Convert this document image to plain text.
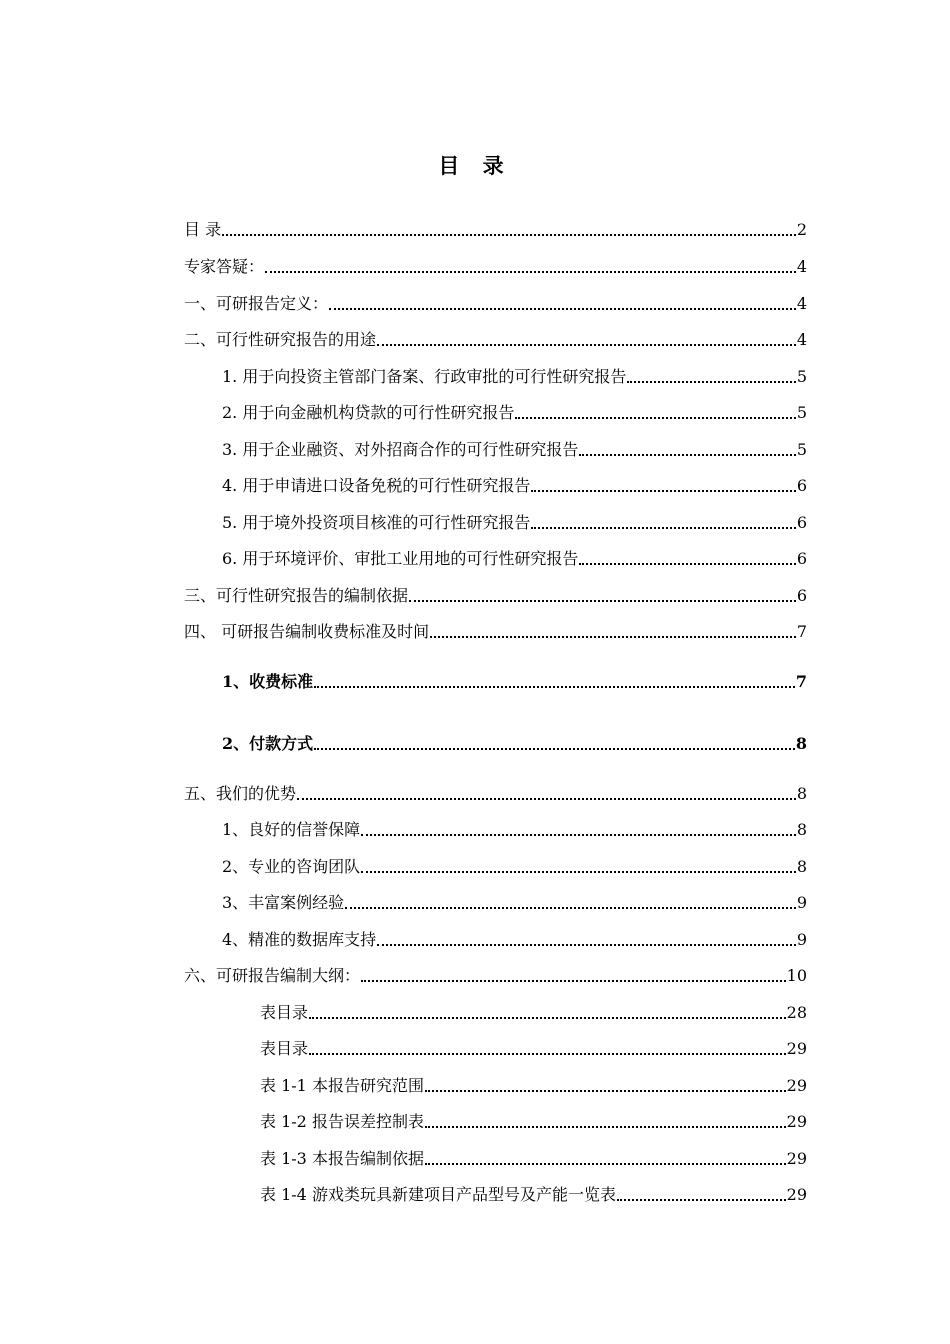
目 录
目 录	2
专家答疑：	4
一、可研报告定义：	4
二、可行性研究报告的用途	4
1. 用于向投资主管部门备案、行政审批的可行性研究报告	5
2. 用于向金融机构贷款的可行性研究报告	5
3. 用于企业融资、对外招商合作的可行性研究报告	5
4. 用于申请进口设备免税的可行性研究报告	6
5. 用于境外投资项目核准的可行性研究报告	6
6. 用于环境评价、审批工业用地的可行性研究报告	6
三、可行性研究报告的编制依据	6
四、 可研报告编制收费标准及时间	7
1、收费标准	7
2、付款方式	8
五、我们的优势	8
1、良好的信誉保障	8
2、专业的咨询团队	8
3、丰富案例经验	9
4、精准的数据库支持	9
六、可研报告编制大纲：	10
表目录	28
表目录	29
表 1-1 本报告研究范围	29
表 1-2 报告误差控制表	29
表 1-3 本报告编制依据	29
表 1-4 游戏类玩具新建项目产品型号及产能一览表	29
